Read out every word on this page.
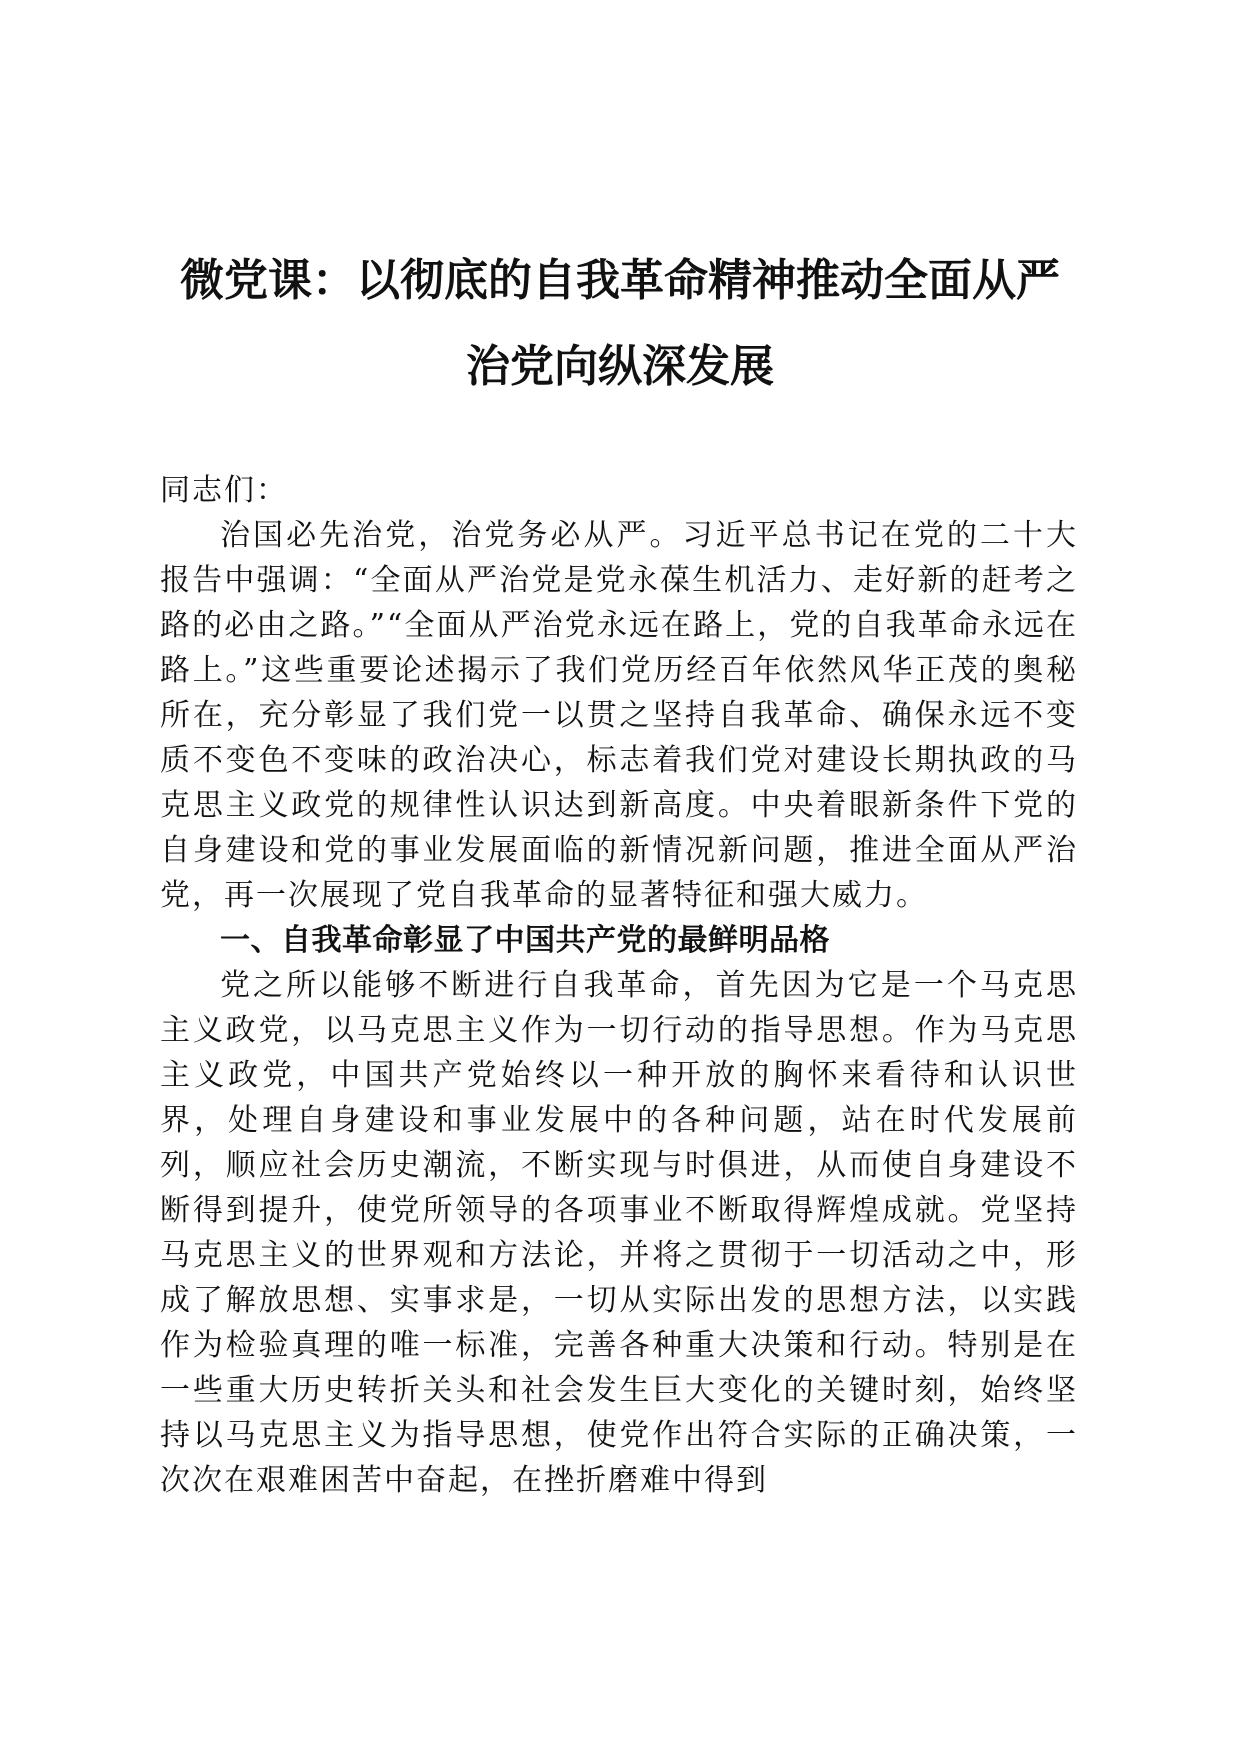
微党课：以彻底的自我革命精神推动全面从严
治党向纵深发展

同志们：

治国必先治党，治党务必从严。习近平总书记在党的二十大报告中强调：“全面从严治党是党永葆生机活力、走好新的赶考之路的必由之路。”“全面从严治党永远在路上，党的自我革命永远在路上。”这些重要论述揭示了我们党历经百年依然风华正茂的奥秘所在，充分彰显了我们党一以贯之坚持自我革命、确保永远不变质不变色不变味的政治决心，标志着我们党对建设长期执政的马克思主义政党的规律性认识达到新高度。中央着眼新条件下党的自身建设和党的事业发展面临的新情况新问题，推进全面从严治党，再一次展现了党自我革命的显著特征和强大威力。

一、自我革命彰显了中国共产党的最鲜明品格

党之所以能够不断进行自我革命，首先因为它是一个马克思主义政党，以马克思主义作为一切行动的指导思想。作为马克思主义政党，中国共产党始终以一种开放的胸怀来看待和认识世界，处理自身建设和事业发展中的各种问题，站在时代发展前列，顺应社会历史潮流，不断实现与时俱进，从而使自身建设不断得到提升，使党所领导的各项事业不断取得辉煌成就。党坚持马克思主义的世界观和方法论，并将之贯彻于一切活动之中，形成了解放思想、实事求是，一切从实际出发的思想方法，以实践作为检验真理的唯一标准，完善各种重大决策和行动。特别是在一些重大历史转折关头和社会发生巨大变化的关键时刻，始终坚持以马克思主义为指导思想，使党作出符合实际的正确决策，一次次在艰难困苦中奋起，在挫折磨难中得到
